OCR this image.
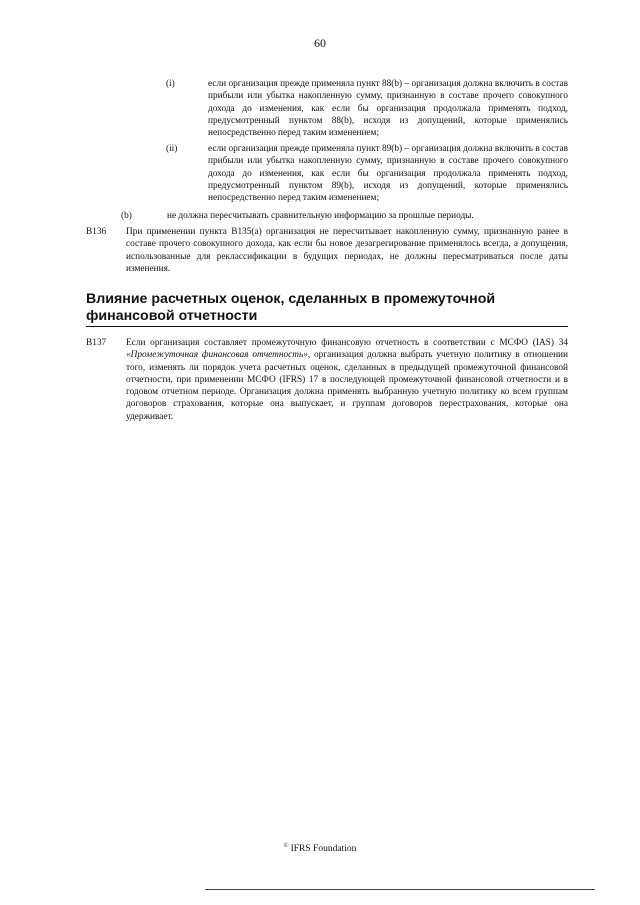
60
(i)	если организация прежде применяла пункт 88(b) – организация должна включить в состав прибыли или убытка накопленную сумму, признанную в составе прочего совокупного дохода до изменения, как если бы организация продолжала применять подход, предусмотренный пунктом 88(b), исходя из допущений, которые применялись непосредственно перед таким изменением;
(ii)	если организация прежде применяла пункт 89(b) – организация должна включить в состав прибыли или убытка накопленную сумму, признанную в составе прочего совокупного дохода до изменения, как если бы организация продолжала применять подход, предусмотренный пунктом 89(b), исходя из допущений, которые применялись непосредственно перед таким изменением;
(b)	не должна пересчитывать сравнительную информацию за прошлые периоды.
B136 При применении пункта B135(a) организация не пересчитывает накопленную сумму, признанную ранее в составе прочего совокупного дохода, как если бы новое дезагрегирование применялось всегда, а допущения, использованные для реклассификации в будущих периодах, не должны пересматриваться после даты изменения.
Влияние расчетных оценок, сделанных в промежуточной финансовой отчетности
B137 Если организация составляет промежуточную финансовую отчетность в соответствии с МСФО (IAS) 34 «Промежуточная финансовая отчетность», организация должна выбрать учетную политику в отношении того, изменять ли порядок учета расчетных оценок, сделанных в предыдущей промежуточной финансовой отчетности, при применении МСФО (IFRS) 17 в последующей промежуточной финансовой отчетности и в годовом отчетном периоде. Организация должна применять выбранную учетную политику ко всем группам договоров страхования, которые она выпускает, и группам договоров перестрахования, которые она удерживает.
© IFRS Foundation
